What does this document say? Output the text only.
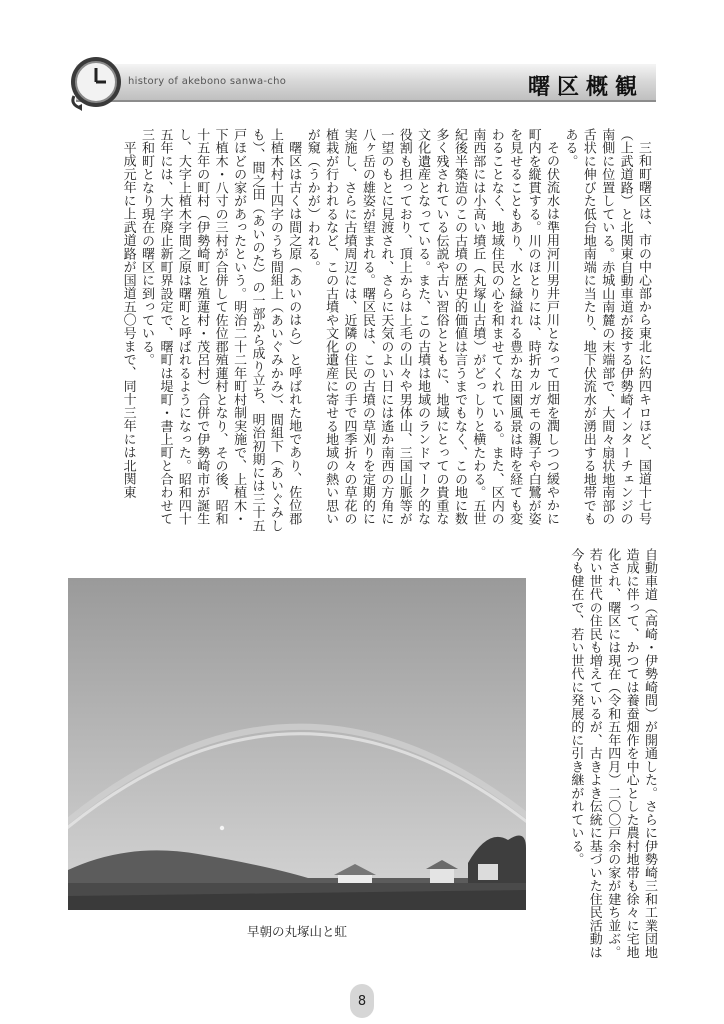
history of akebono sanwa-cho	曙区概観

三和町曙区は、市の中心部から東北に約四キロほど、国道十七号（上武道路）と北関東自動車道が接する伊勢崎インターチェンジの南側に位置している。赤城山南麓の末端部で、大間々扇状地南部の舌状に伸びた低台地南端に当たり、地下伏流水が湧出する地帯でもある。

その伏流水は準用河川男井戸川となって田畑を潤しつつ緩やかに町内を縦貫する。川のほとりには、時折カルガモの親子や白鷺が姿を見せることもあり、水と緑溢れる豊かな田園風景は時を経ても変わることなく、地域住民の心を和ませてくれている。また、区内の南西部には小高い墳丘（丸塚山古墳）がどっしりと横たわる。五世紀後半築造のこの古墳の歴史的価値は言うまでもなく、この地に数多く残されている伝説や古い習俗とともに、地域にとっての貴重な文化遺産となっている。また、この古墳は地域のランドマーク的な役割も担っており、頂上からは上毛の山々や男体山、三国山脈等が一望のもとに見渡され、さらに天気のよい日には遙か南西の方角に八ヶ岳の雄姿が望まれる。曙区民は、この古墳の草刈りを定期的に実施し、さらに古墳周辺には、近隣の住民の手で四季折々の草花の植栽が行われるなど、この古墳や文化遺産に寄せる地域の熱い思いが窺（うかが）われる。

曙区は古くは間之原（あいのはら）と呼ばれた地であり、佐位郡上植木村十四字のうち間組上（あいぐみかみ）、間組下（あいぐみしも）、間之田（あいのた）の一部から成り立ち、明治初期には三十五戸ほどの家があったという。明治二十二年町村制実施で、上植木・下植木・八寸の三村が合併して佐位郡殖蓮村となり、その後、昭和十五年の町村（伊勢崎町と殖蓮村・茂呂村）合併で伊勢崎市が誕生し、大字上植木字間之原は曙町と呼ばれるようになった。昭和四十五年には、大字廃止新町界設定で、曙町は堤町・書上町と合わせて三和町となり現在の曙区に到っている。

平成元年に上武道路が国道五〇号まで、同十三年には北関東

自動車道（高崎・伊勢崎間）が開通した。さらに伊勢崎三和工業団地造成に伴って、かつては養蚕畑作を中心とした農村地帯も徐々に宅地化され、曙区には現在（令和五年四月）二〇〇戸余の家が建ち並ぶ。若い世代の住民も増えているが、古きよき伝統に基づいた住民活動は今も健在で、若い世代に発展的に引き継がれている。

早朝の丸塚山と虹
8
